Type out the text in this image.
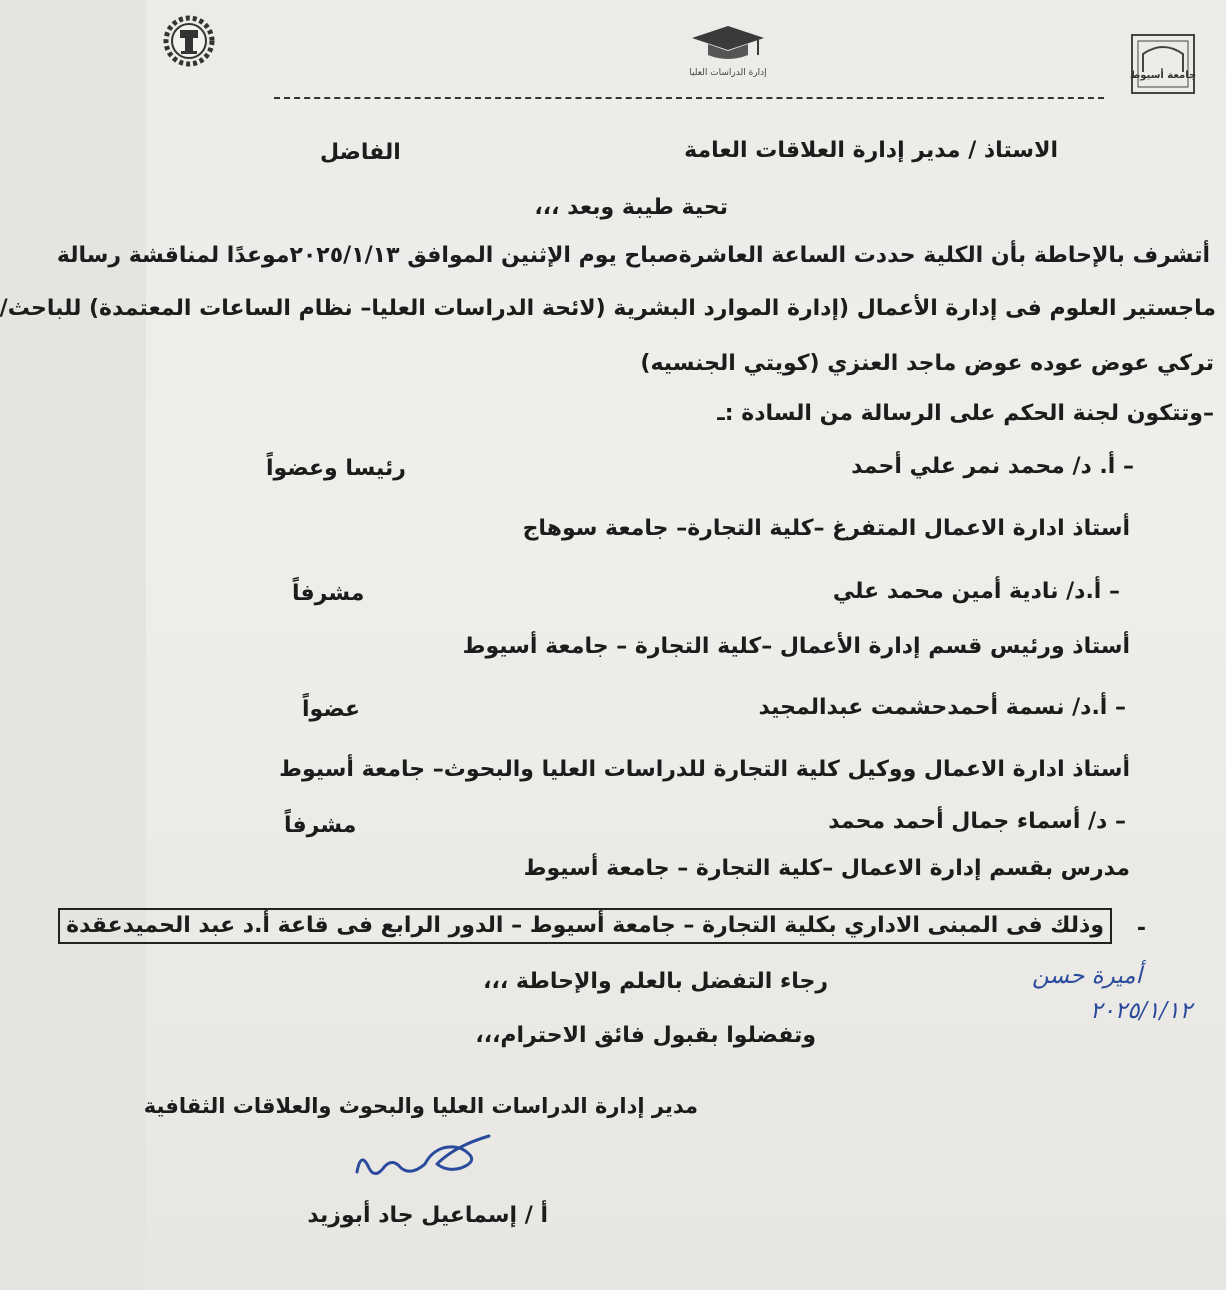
إدارة الدراسات العليا	جامعة أسيوط
الاستاذ / مدير إدارة العلاقات العامة
الفاضل
تحية طيبة وبعد ،،،
أتشرف بالإحاطة بأن الكلية حددت الساعة العاشرةصباح يوم الإثنين الموافق ٢٠٢٥/١/١٣موعدًا لمناقشة رسالة
ماجستير العلوم فى إدارة الأعمال (إدارة الموارد البشرية (لائحة الدراسات العليا– نظام الساعات المعتمدة) للباحث/
تركي عوض عوده عوض ماجد العنزي (كويتي الجنسيه)
–وتتكون لجنة الحكم على الرسالة من السادة :ـ
– أ. د/ محمد نمر علي أحمد
رئيسا وعضواً
أستاذ ادارة الاعمال المتفرغ –كلية التجارة– جامعة سوهاج
– أ.د/ نادية أمين محمد علي
مشرفاً
أستاذ ورئيس قسم إدارة الأعمال –كلية التجارة – جامعة أسيوط
– أ.د/ نسمة أحمدحشمت عبدالمجيد
عضواً
أستاذ ادارة الاعمال ووكيل كلية التجارة للدراسات العليا والبحوث– جامعة أسيوط
– د/ أسماء جمال أحمد محمد
مشرفاً
مدرس بقسم إدارة الاعمال –كلية التجارة – جامعة أسيوط
-
وذلك فى المبنى الاداري بكلية التجارة – جامعة أسيوط – الدور الرابع فى قاعة أ.د عبد الحميدعقدة
رجاء التفضل بالعلم والإحاطة ،،،
وتفضلوا بقبول فائق الاحترام،،،
أميرة حسن
٢٠٢٥/١/١٢
مدير إدارة الدراسات العليا والبحوث والعلاقات الثقافية
أ / إسماعيل جاد أبوزيد
